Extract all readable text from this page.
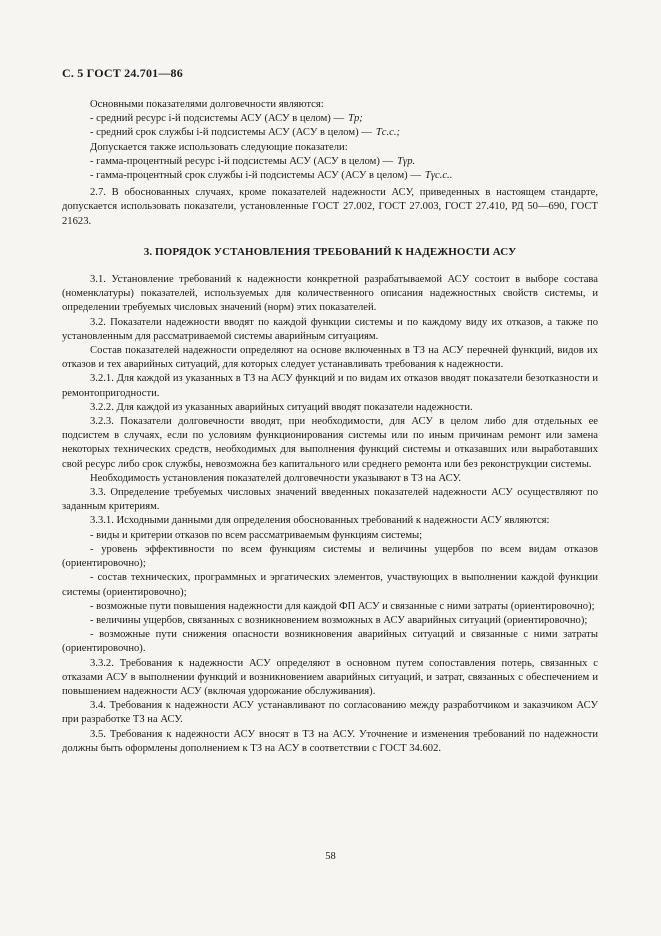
С. 5 ГОСТ 24.701—86

Основными показателями долговечности являются:

- средний ресурс i-й подсистемы АСУ (АСУ в целом) — Tр;

- средний срок службы i-й подсистемы АСУ (АСУ в целом) — Tс.с.;

Допускается также использовать следующие показатели:

- гамма-процентный ресурс i-й подсистемы АСУ (АСУ в целом) — Tγр.

- гамма-процентный срок службы i-й подсистемы АСУ (АСУ в целом) — Tγс.с..

2.7. В обоснованных случаях, кроме показателей надежности АСУ, приведенных в настоящем стандарте, допускается использовать показатели, установленные ГОСТ 27.002, ГОСТ 27.003, ГОСТ 27.410, РД 50—690, ГОСТ 21623.

3. ПОРЯДОК УСТАНОВЛЕНИЯ ТРЕБОВАНИЙ К НАДЕЖНОСТИ АСУ

3.1. Установление требований к надежности конкретной разрабатываемой АСУ состоит в выборе состава (номенклатуры) показателей, используемых для количественного описания надежностных свойств системы, и определении требуемых числовых значений (норм) этих показателей.

3.2. Показатели надежности вводят по каждой функции системы и по каждому виду их отказов, а также по установленным для рассматриваемой системы аварийным ситуациям.

Состав показателей надежности определяют на основе включенных в ТЗ на АСУ перечней функций, видов их отказов и тех аварийных ситуаций, для которых следует устанавливать требования к надежности.

3.2.1. Для каждой из указанных в ТЗ на АСУ функций и по видам их отказов вводят показатели безотказности и ремонтопригодности.

3.2.2. Для каждой из указанных аварийных ситуаций вводят показатели надежности.

3.2.3. Показатели долговечности вводят, при необходимости, для АСУ в целом либо для отдельных ее подсистем в случаях, если по условиям функционирования системы или по иным причинам ремонт или замена некоторых технических средств, необходимых для выполнения функций системы и отказавших или выработавших свой ресурс либо срок службы, невозможна без капитального или среднего ремонта или без реконструкции системы.

Необходимость установления показателей долговечности указывают в ТЗ на АСУ.

3.3. Определение требуемых числовых значений введенных показателей надежности АСУ осуществляют по заданным критериям.

3.3.1. Исходными данными для определения обоснованных требований к надежности АСУ являются:

- виды и критерии отказов по всем рассматриваемым функциям системы;

- уровень эффективности по всем функциям системы и величины ущербов по всем видам отказов (ориентировочно);

- состав технических, программных и эргатических элементов, участвующих в выполнении каждой функции системы (ориентировочно);

- возможные пути повышения надежности для каждой ФП АСУ и связанные с ними затраты (ориентировочно);

- величины ущербов, связанных с возникновением возможных в АСУ аварийных ситуаций (ориентировочно);

- возможные пути снижения опасности возникновения аварийных ситуаций и связанные с ними затраты (ориентировочно).

3.3.2. Требования к надежности АСУ определяют в основном путем сопоставления потерь, связанных с отказами АСУ в выполнении функций и возникновением аварийных ситуаций, и затрат, связанных с обеспечением и повышением надежности АСУ (включая удорожание обслуживания).

3.4. Требования к надежности АСУ устанавливают по согласованию между разработчиком и заказчиком АСУ при разработке ТЗ на АСУ.

3.5. Требования к надежности АСУ вносят в ТЗ на АСУ. Уточнение и изменения требований по надежности должны быть оформлены дополнением к ТЗ на АСУ в соответствии с ГОСТ 34.602.

58
